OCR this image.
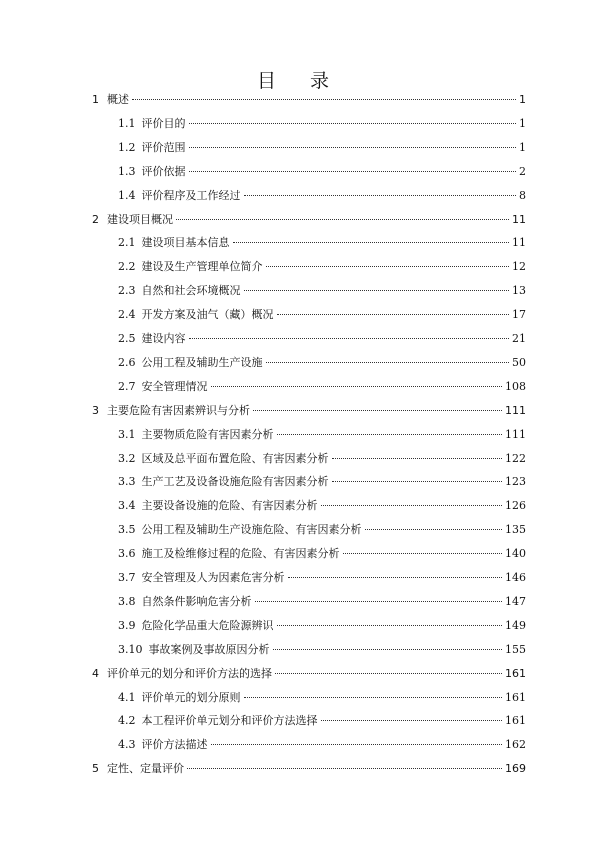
目 录
1 概述	1
1.1 评价目的	1
1.2 评价范围	1
1.3 评价依据	2
1.4 评价程序及工作经过	8
2 建设项目概况	11
2.1 建设项目基本信息	11
2.2 建设及生产管理单位简介	12
2.3 自然和社会环境概况	13
2.4 开发方案及油气（藏）概况	17
2.5 建设内容	21
2.6 公用工程及辅助生产设施	50
2.7 安全管理情况	108
3 主要危险有害因素辨识与分析	111
3.1 主要物质危险有害因素分析	111
3.2 区域及总平面布置危险、有害因素分析	122
3.3 生产工艺及设备设施危险有害因素分析	123
3.4 主要设备设施的危险、有害因素分析	126
3.5 公用工程及辅助生产设施危险、有害因素分析	135
3.6 施工及检维修过程的危险、有害因素分析	140
3.7 安全管理及人为因素危害分析	146
3.8 自然条件影响危害分析	147
3.9 危险化学品重大危险源辨识	149
3.10 事故案例及事故原因分析	155
4 评价单元的划分和评价方法的选择	161
4.1 评价单元的划分原则	161
4.2 本工程评价单元划分和评价方法选择	161
4.3 评价方法描述	162
5 定性、定量评价	169
